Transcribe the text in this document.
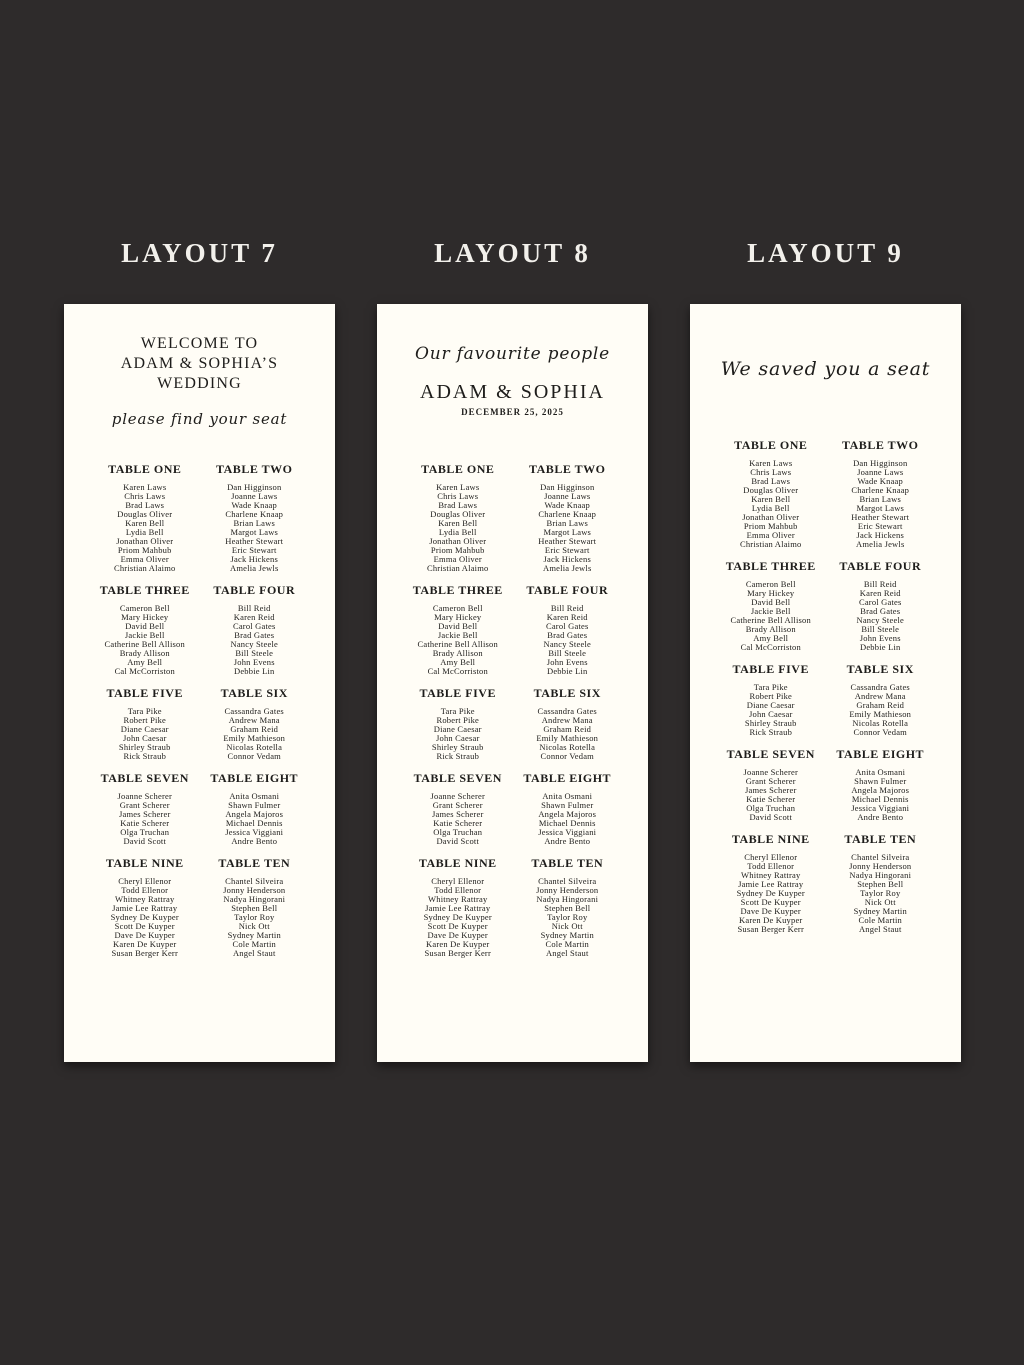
LAYOUT 7
WELCOME TO
ADAM & SOPHIA’S
WEDDING
please find your seat
TABLE ONE
Karen Laws
Chris Laws
Brad Laws
Douglas Oliver
Karen Bell
Lydia Bell
Jonathan Oliver
Priom Mahbub
Emma Oliver
Christian Alaimo
TABLE TWO
Dan Higginson
Joanne Laws
Wade Knaap
Charlene Knaap
Brian Laws
Margot Laws
Heather Stewart
Eric Stewart
Jack Hickens
Amelia Jewls
TABLE THREE
Cameron Bell
Mary Hickey
David Bell
Jackie Bell
Catherine Bell Allison
Brady Allison
Amy Bell
Cal McCorriston
TABLE FOUR
Bill Reid
Karen Reid
Carol Gates
Brad Gates
Nancy Steele
Bill Steele
John Evens
Debbie Lin
TABLE FIVE
Tara Pike
Robert Pike
Diane Caesar
John Caesar
Shirley Straub
Rick Straub
TABLE SIX
Cassandra Gates
Andrew Mana
Graham Reid
Emily Mathieson
Nicolas Rotella
Connor Vedam
TABLE SEVEN
Joanne Scherer
Grant Scherer
James Scherer
Katie Scherer
Olga Truchan
David Scott
TABLE EIGHT
Anita Osmani
Shawn Fulmer
Angela Majoros
Michael Dennis
Jessica Viggiani
Andre Bento
TABLE NINE
Cheryl Ellenor
Todd Ellenor
Whitney Rattray
Jamie Lee Rattray
Sydney De Kuyper
Scott De Kuyper
Dave De Kuyper
Karen De Kuyper
Susan Berger Kerr
TABLE TEN
Chantel Silveira
Jonny Henderson
Nadya Hingorani
Stephen Bell
Taylor Roy
Nick Ott
Sydney Martin
Cole Martin
Angel Staut
LAYOUT 8
Our favourite people
ADAM & SOPHIA
DECEMBER 25, 2025
TABLE ONE
Karen Laws
Chris Laws
Brad Laws
Douglas Oliver
Karen Bell
Lydia Bell
Jonathan Oliver
Priom Mahbub
Emma Oliver
Christian Alaimo
TABLE TWO
Dan Higginson
Joanne Laws
Wade Knaap
Charlene Knaap
Brian Laws
Margot Laws
Heather Stewart
Eric Stewart
Jack Hickens
Amelia Jewls
TABLE THREE
Cameron Bell
Mary Hickey
David Bell
Jackie Bell
Catherine Bell Allison
Brady Allison
Amy Bell
Cal McCorriston
TABLE FOUR
Bill Reid
Karen Reid
Carol Gates
Brad Gates
Nancy Steele
Bill Steele
John Evens
Debbie Lin
TABLE FIVE
Tara Pike
Robert Pike
Diane Caesar
John Caesar
Shirley Straub
Rick Straub
TABLE SIX
Cassandra Gates
Andrew Mana
Graham Reid
Emily Mathieson
Nicolas Rotella
Connor Vedam
TABLE SEVEN
Joanne Scherer
Grant Scherer
James Scherer
Katie Scherer
Olga Truchan
David Scott
TABLE EIGHT
Anita Osmani
Shawn Fulmer
Angela Majoros
Michael Dennis
Jessica Viggiani
Andre Bento
TABLE NINE
Cheryl Ellenor
Todd Ellenor
Whitney Rattray
Jamie Lee Rattray
Sydney De Kuyper
Scott De Kuyper
Dave De Kuyper
Karen De Kuyper
Susan Berger Kerr
TABLE TEN
Chantel Silveira
Jonny Henderson
Nadya Hingorani
Stephen Bell
Taylor Roy
Nick Ott
Sydney Martin
Cole Martin
Angel Staut
LAYOUT 9
We saved you a seat
TABLE ONE
Karen Laws
Chris Laws
Brad Laws
Douglas Oliver
Karen Bell
Lydia Bell
Jonathan Oliver
Priom Mahbub
Emma Oliver
Christian Alaimo
TABLE TWO
Dan Higginson
Joanne Laws
Wade Knaap
Charlene Knaap
Brian Laws
Margot Laws
Heather Stewart
Eric Stewart
Jack Hickens
Amelia Jewls
TABLE THREE
Cameron Bell
Mary Hickey
David Bell
Jackie Bell
Catherine Bell Allison
Brady Allison
Amy Bell
Cal McCorriston
TABLE FOUR
Bill Reid
Karen Reid
Carol Gates
Brad Gates
Nancy Steele
Bill Steele
John Evens
Debbie Lin
TABLE FIVE
Tara Pike
Robert Pike
Diane Caesar
John Caesar
Shirley Straub
Rick Straub
TABLE SIX
Cassandra Gates
Andrew Mana
Graham Reid
Emily Mathieson
Nicolas Rotella
Connor Vedam
TABLE SEVEN
Joanne Scherer
Grant Scherer
James Scherer
Katie Scherer
Olga Truchan
David Scott
TABLE EIGHT
Anita Osmani
Shawn Fulmer
Angela Majoros
Michael Dennis
Jessica Viggiani
Andre Bento
TABLE NINE
Cheryl Ellenor
Todd Ellenor
Whitney Rattray
Jamie Lee Rattray
Sydney De Kuyper
Scott De Kuyper
Dave De Kuyper
Karen De Kuyper
Susan Berger Kerr
TABLE TEN
Chantel Silveira
Jonny Henderson
Nadya Hingorani
Stephen Bell
Taylor Roy
Nick Ott
Sydney Martin
Cole Martin
Angel Staut
